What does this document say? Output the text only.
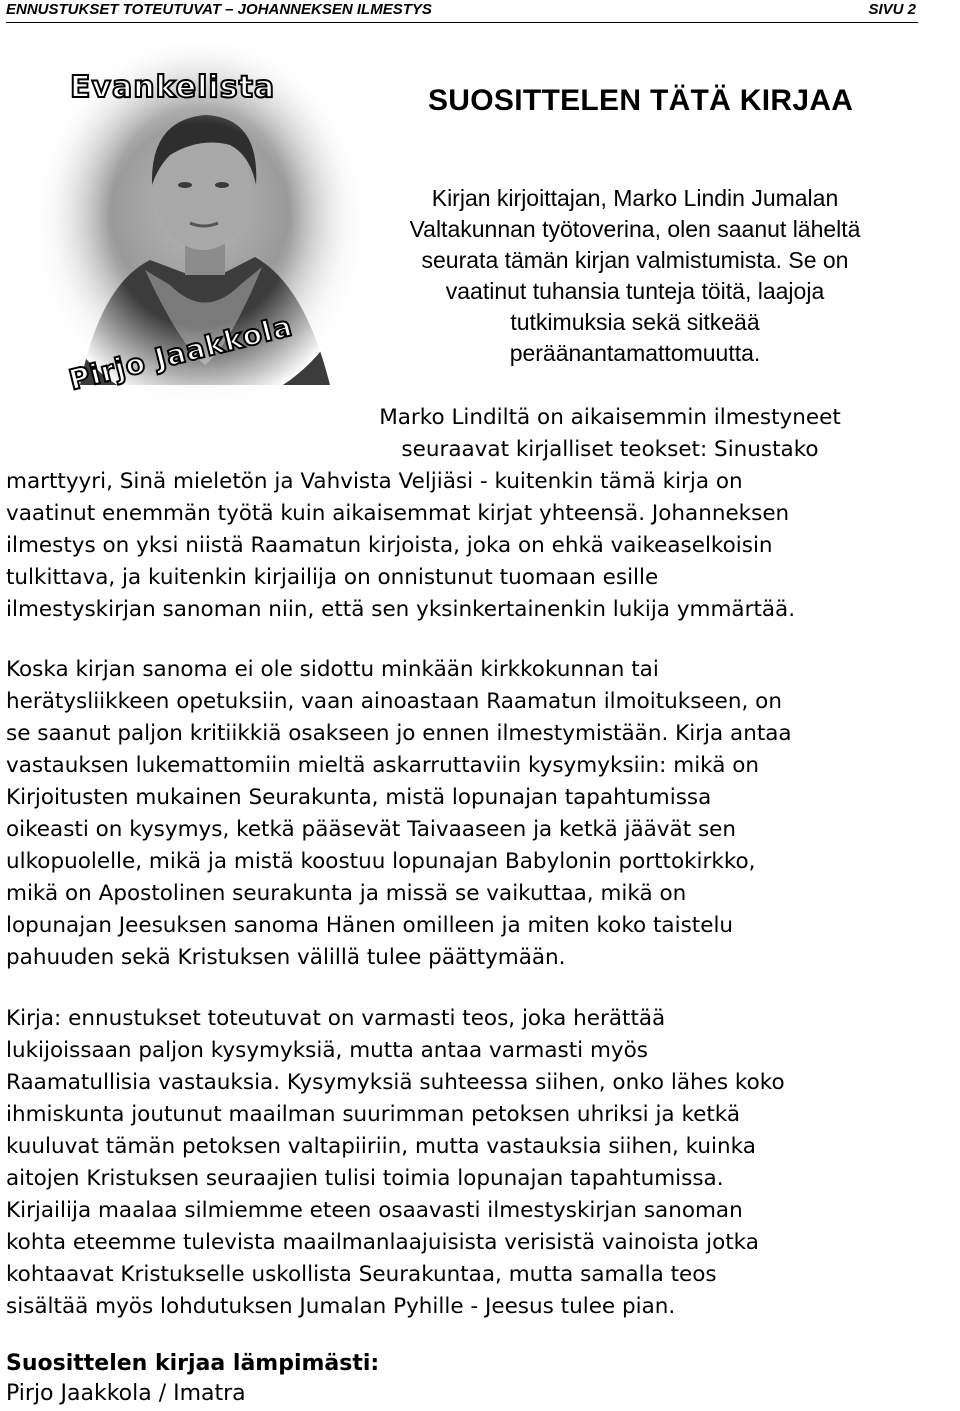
ENNUSTUKSET TOTEUTUVAT – JOHANNEKSEN ILMESTYS	SIVU 2
Evankelista
Pirjo Jaakkola
SUOSITTELEN TÄTÄ KIRJAA
Kirjan kirjoittajan, Marko Lindin Jumalan
Valtakunnan työtoverina, olen saanut läheltä
seurata tämän kirjan valmistumista. Se on
vaatinut tuhansia tunteja töitä, laajoja
tutkimuksia sekä sitkeää
peräänantamattomuutta.
Marko Lindiltä on aikaisemmin ilmestyneet
seuraavat kirjalliset teokset: Sinustako
marttyyri, Sinä mieletön ja Vahvista Veljiäsi - kuitenkin tämä kirja on
vaatinut enemmän työtä kuin aikaisemmat kirjat yhteensä. Johanneksen
ilmestys on yksi niistä Raamatun kirjoista, joka on ehkä vaikeaselkoisin
tulkittava, ja kuitenkin kirjailija on onnistunut tuomaan esille
ilmestyskirjan sanoman niin, että sen yksinkertainenkin lukija ymmärtää.
Koska kirjan sanoma ei ole sidottu minkään kirkkokunnan tai
herätysliikkeen opetuksiin, vaan ainoastaan Raamatun ilmoitukseen, on
se saanut paljon kritiikkiä osakseen jo ennen ilmestymistään. Kirja antaa
vastauksen lukemattomiin mieltä askarruttaviin kysymyksiin: mikä on
Kirjoitusten mukainen Seurakunta, mistä lopunajan tapahtumissa
oikeasti on kysymys, ketkä pääsevät Taivaaseen ja ketkä jäävät sen
ulkopuolelle, mikä ja mistä koostuu lopunajan Babylonin porttokirkko,
mikä on Apostolinen seurakunta ja missä se vaikuttaa, mikä on
lopunajan Jeesuksen sanoma Hänen omilleen ja miten koko taistelu
pahuuden sekä Kristuksen välillä tulee päättymään.
Kirja: ennustukset toteutuvat on varmasti teos, joka herättää
lukijoissaan paljon kysymyksiä, mutta antaa varmasti myös
Raamatullisia vastauksia. Kysymyksiä suhteessa siihen, onko lähes koko
ihmiskunta joutunut maailman suurimman petoksen uhriksi ja ketkä
kuuluvat tämän petoksen valtapiiriin, mutta vastauksia siihen, kuinka
aitojen Kristuksen seuraajien tulisi toimia lopunajan tapahtumissa.
Kirjailija maalaa silmiemme eteen osaavasti ilmestyskirjan sanoman
kohta eteemme tulevista maailmanlaajuisista verisistä vainoista jotka
kohtaavat Kristukselle uskollista Seurakuntaa, mutta samalla teos
sisältää myös lohdutuksen Jumalan Pyhille - Jeesus tulee pian.
Suosittelen kirjaa lämpimästi:
Pirjo Jaakkola / Imatra
